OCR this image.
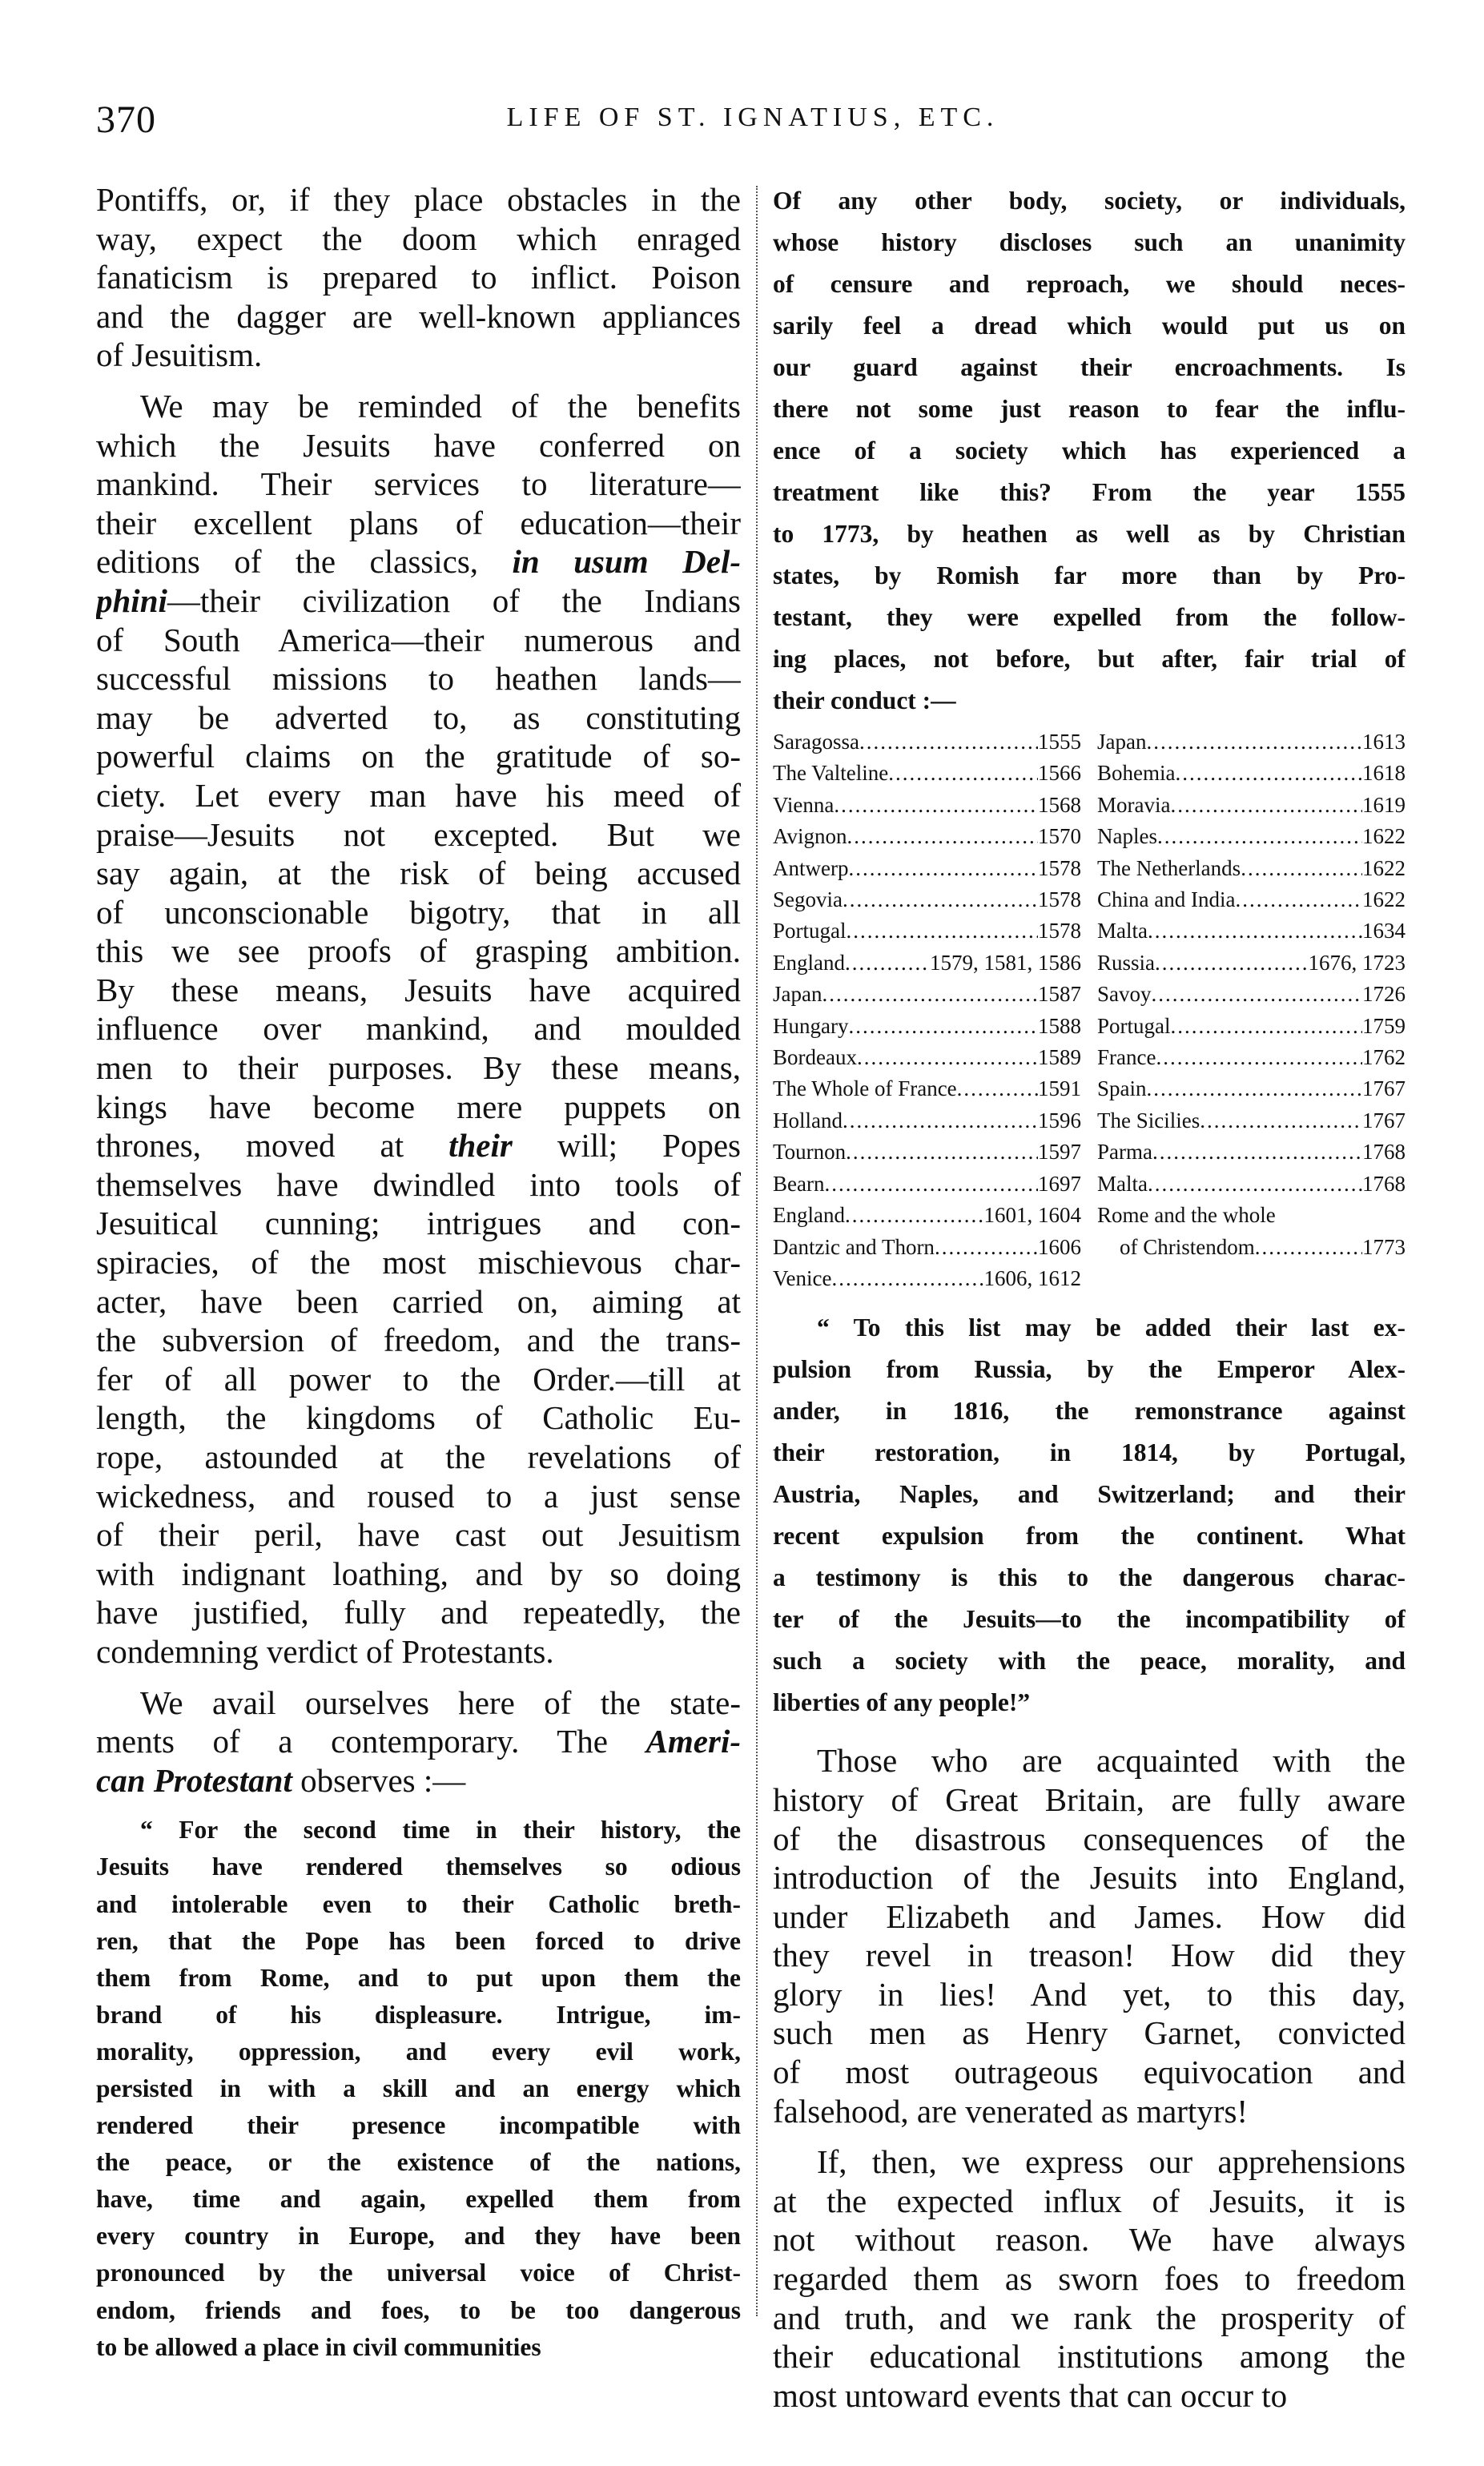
370	LIFE OF ST. IGNATIUS, ETC.
Pontiffs, or, if they place obstacles in the
way, expect the doom which enraged
fanaticism is prepared to inflict. Poison
and the dagger are well-known appliances
of Jesuitism.
We may be reminded of the benefits
which the Jesuits have conferred on
mankind. Their services to literature—
their excellent plans of education—their
editions of the classics, in usum Del-
phini—their civilization of the Indians
of South America—their numerous and
successful missions to heathen lands—
may be adverted to, as constituting
powerful claims on the gratitude of so-
ciety. Let every man have his meed of
praise—Jesuits not excepted. But we
say again, at the risk of being accused
of unconscionable bigotry, that in all
this we see proofs of grasping ambition.
By these means, Jesuits have acquired
influence over mankind, and moulded
men to their purposes. By these means,
kings have become mere puppets on
thrones, moved at their will; Popes
themselves have dwindled into tools of
Jesuitical cunning; intrigues and con-
spiracies, of the most mischievous char-
acter, have been carried on, aiming at
the subversion of freedom, and the trans-
fer of all power to the Order.—till at
length, the kingdoms of Catholic Eu-
rope, astounded at the revelations of
wickedness, and roused to a just sense
of their peril, have cast out Jesuitism
with indignant loathing, and by so doing
have justified, fully and repeatedly, the
condemning verdict of Protestants.
We avail ourselves here of the state-
ments of a contemporary. The Ameri-
can Protestant observes :—
“ For the second time in their history, the
Jesuits have rendered themselves so odious
and intolerable even to their Catholic breth-
ren, that the Pope has been forced to drive
them from Rome, and to put upon them the
brand of his displeasure. Intrigue, im-
morality, oppression, and every evil work,
persisted in with a skill and an energy which
rendered their presence incompatible with
the peace, or the existence of the nations,
have, time and again, expelled them from
every country in Europe, and they have been
pronounced by the universal voice of Christ-
endom, friends and foes, to be too dangerous
to be allowed a place in civil communities
Of any other body, society, or individuals,
whose history discloses such an unanimity
of censure and reproach, we should neces-
sarily feel a dread which would put us on
our guard against their encroachments. Is
there not some just reason to fear the influ-
ence of a society which has experienced a
treatment like this? From the year 1555
to 1773, by heathen as well as by Christian
states, by Romish far more than by Pro-
testant, they were expelled from the follow-
ing places, not before, but after, fair trial of
their conduct :—
Saragossa .....	1555
The Valteline .....	1566
Vienna .....	1568
Avignon .....	1570
Antwerp .....	1578
Segovia .....	1578
Portugal .....	1578
England .....	1579, 1581, 1586
Japan .....	1587
Hungary .....	1588
Bordeaux .....	1589
The Whole of France .....	1591
Holland .....	1596
Tournon .....	1597
Bearn .....	1697
England .....	1601, 1604
Dantzic and Thorn .....	1606
Venice .....	1606, 1612
Japan .....	1613
Bohemia .....	1618
Moravia .....	1619
Naples .....	1622
The Netherlands .....	1622
China and India .....	1622
Malta .....	1634
Russia .....	1676, 1723
Savoy .....	1726
Portugal .....	1759
France .....	1762
Spain .....	1767
The Sicilies .....	1767
Parma .....	1768
Malta .....	1768
Rome and the whole
of Christendom .....	1773
“ To this list may be added their last ex-
pulsion from Russia, by the Emperor Alex-
ander, in 1816, the remonstrance against
their restoration, in 1814, by Portugal,
Austria, Naples, and Switzerland; and their
recent expulsion from the continent. What
a testimony is this to the dangerous charac-
ter of the Jesuits—to the incompatibility of
such a society with the peace, morality, and
liberties of any people!”
Those who are acquainted with the
history of Great Britain, are fully aware
of the disastrous consequences of the
introduction of the Jesuits into England,
under Elizabeth and James. How did
they revel in treason! How did they
glory in lies! And yet, to this day,
such men as Henry Garnet, convicted
of most outrageous equivocation and
falsehood, are venerated as martyrs!
If, then, we express our apprehensions
at the expected influx of Jesuits, it is
not without reason. We have always
regarded them as sworn foes to freedom
and truth, and we rank the prosperity of
their educational institutions among the
most untoward events that can occur to
